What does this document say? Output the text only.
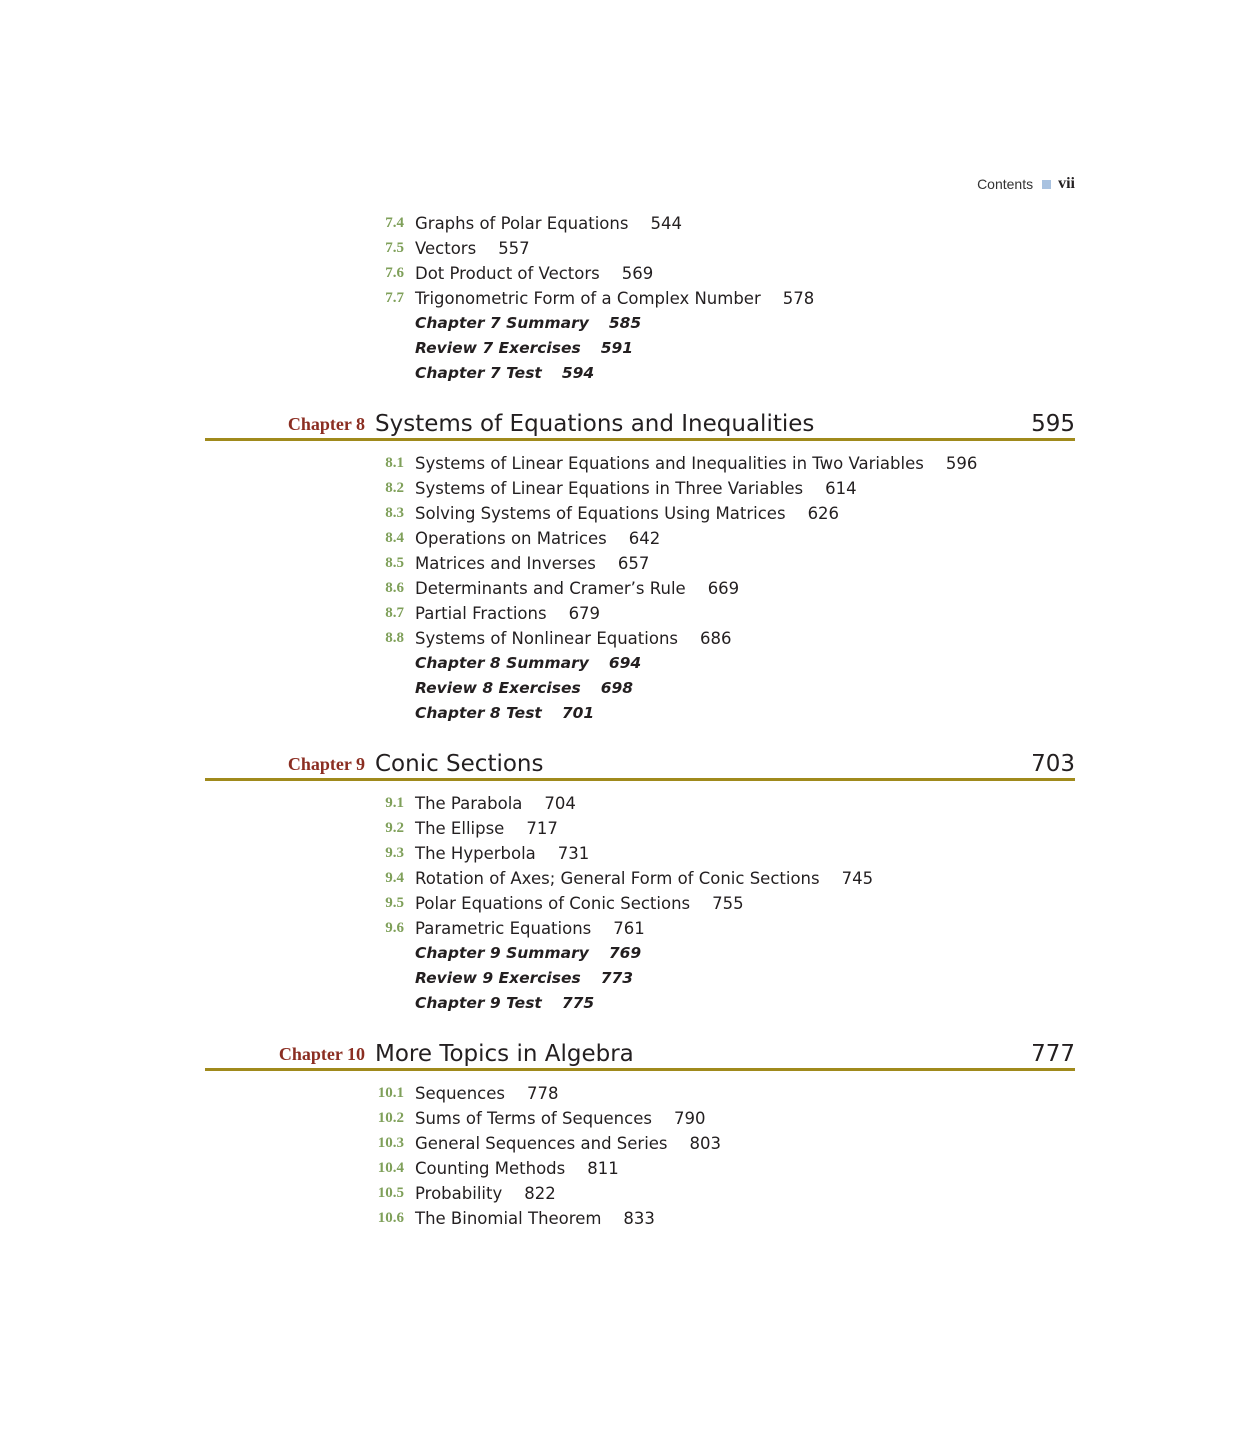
Contents vii
7.4 Graphs of Polar Equations 544
7.5 Vectors 557
7.6 Dot Product of Vectors 569
7.7 Trigonometric Form of a Complex Number 578
Chapter 7 Summary 585
Review 7 Exercises 591
Chapter 7 Test 594
Chapter 8 Systems of Equations and Inequalities	595
8.1 Systems of Linear Equations and Inequalities in Two Variables 596
8.2 Systems of Linear Equations in Three Variables 614
8.3 Solving Systems of Equations Using Matrices 626
8.4 Operations on Matrices 642
8.5 Matrices and Inverses 657
8.6 Determinants and Cramer’s Rule 669
8.7 Partial Fractions 679
8.8 Systems of Nonlinear Equations 686
Chapter 8 Summary 694
Review 8 Exercises 698
Chapter 8 Test 701
Chapter 9 Conic Sections	703
9.1 The Parabola 704
9.2 The Ellipse 717
9.3 The Hyperbola 731
9.4 Rotation of Axes; General Form of Conic Sections 745
9.5 Polar Equations of Conic Sections 755
9.6 Parametric Equations 761
Chapter 9 Summary 769
Review 9 Exercises 773
Chapter 9 Test 775
Chapter 10 More Topics in Algebra	777
10.1 Sequences 778
10.2 Sums of Terms of Sequences 790
10.3 General Sequences and Series 803
10.4 Counting Methods 811
10.5 Probability 822
10.6 The Binomial Theorem 833
